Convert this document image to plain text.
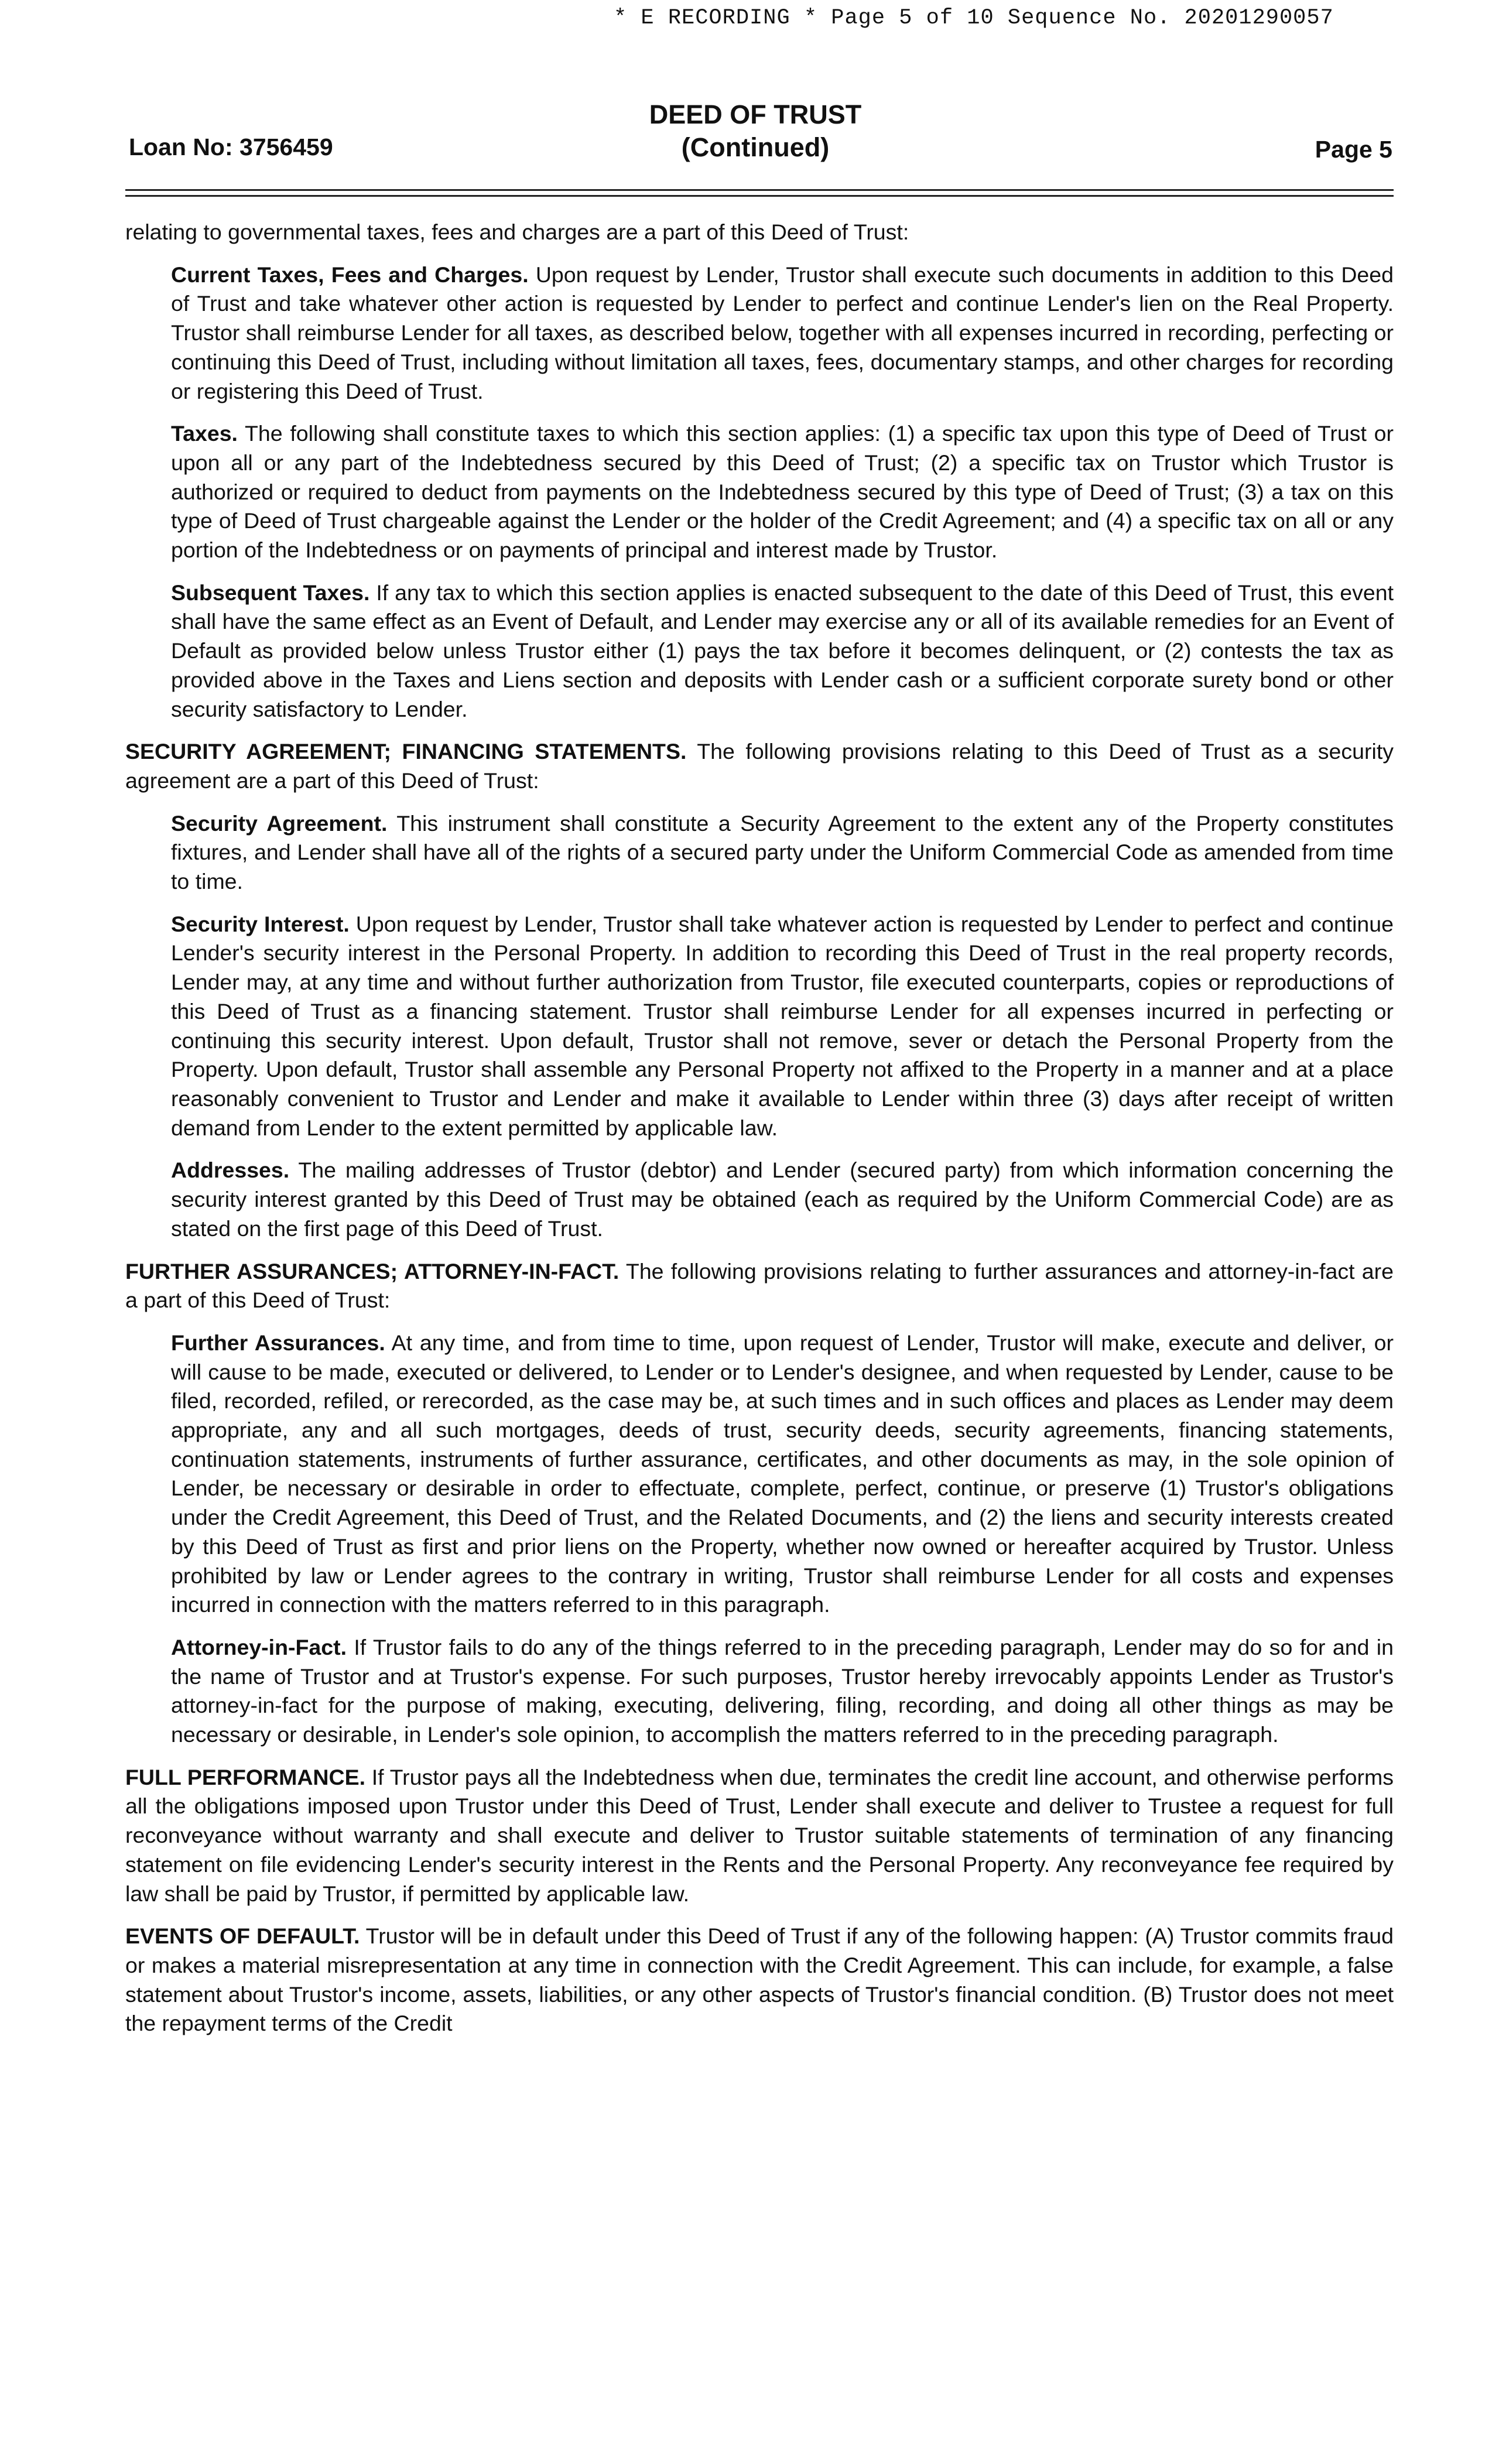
* E RECORDING * Page 5 of 10 Sequence No. 20201290057
DEED OF TRUST
(Continued)
Loan No: 3756459	Page 5

relating to governmental taxes, fees and charges are a part of this Deed of Trust:

Current Taxes, Fees and Charges. Upon request by Lender, Trustor shall execute such documents in addition to this Deed of Trust and take whatever other action is requested by Lender to perfect and continue Lender's lien on the Real Property. Trustor shall reimburse Lender for all taxes, as described below, together with all expenses incurred in recording, perfecting or continuing this Deed of Trust, including without limitation all taxes, fees, documentary stamps, and other charges for recording or registering this Deed of Trust.

Taxes. The following shall constitute taxes to which this section applies: (1) a specific tax upon this type of Deed of Trust or upon all or any part of the Indebtedness secured by this Deed of Trust; (2) a specific tax on Trustor which Trustor is authorized or required to deduct from payments on the Indebtedness secured by this type of Deed of Trust; (3) a tax on this type of Deed of Trust chargeable against the Lender or the holder of the Credit Agreement; and (4) a specific tax on all or any portion of the Indebtedness or on payments of principal and interest made by Trustor.

Subsequent Taxes. If any tax to which this section applies is enacted subsequent to the date of this Deed of Trust, this event shall have the same effect as an Event of Default, and Lender may exercise any or all of its available remedies for an Event of Default as provided below unless Trustor either (1) pays the tax before it becomes delinquent, or (2) contests the tax as provided above in the Taxes and Liens section and deposits with Lender cash or a sufficient corporate surety bond or other security satisfactory to Lender.

SECURITY AGREEMENT; FINANCING STATEMENTS. The following provisions relating to this Deed of Trust as a security agreement are a part of this Deed of Trust:

Security Agreement. This instrument shall constitute a Security Agreement to the extent any of the Property constitutes fixtures, and Lender shall have all of the rights of a secured party under the Uniform Commercial Code as amended from time to time.

Security Interest. Upon request by Lender, Trustor shall take whatever action is requested by Lender to perfect and continue Lender's security interest in the Personal Property. In addition to recording this Deed of Trust in the real property records, Lender may, at any time and without further authorization from Trustor, file executed counterparts, copies or reproductions of this Deed of Trust as a financing statement. Trustor shall reimburse Lender for all expenses incurred in perfecting or continuing this security interest. Upon default, Trustor shall not remove, sever or detach the Personal Property from the Property. Upon default, Trustor shall assemble any Personal Property not affixed to the Property in a manner and at a place reasonably convenient to Trustor and Lender and make it available to Lender within three (3) days after receipt of written demand from Lender to the extent permitted by applicable law.

Addresses. The mailing addresses of Trustor (debtor) and Lender (secured party) from which information concerning the security interest granted by this Deed of Trust may be obtained (each as required by the Uniform Commercial Code) are as stated on the first page of this Deed of Trust.

FURTHER ASSURANCES; ATTORNEY-IN-FACT. The following provisions relating to further assurances and attorney-in-fact are a part of this Deed of Trust:

Further Assurances. At any time, and from time to time, upon request of Lender, Trustor will make, execute and deliver, or will cause to be made, executed or delivered, to Lender or to Lender's designee, and when requested by Lender, cause to be filed, recorded, refiled, or rerecorded, as the case may be, at such times and in such offices and places as Lender may deem appropriate, any and all such mortgages, deeds of trust, security deeds, security agreements, financing statements, continuation statements, instruments of further assurance, certificates, and other documents as may, in the sole opinion of Lender, be necessary or desirable in order to effectuate, complete, perfect, continue, or preserve (1) Trustor's obligations under the Credit Agreement, this Deed of Trust, and the Related Documents, and (2) the liens and security interests created by this Deed of Trust as first and prior liens on the Property, whether now owned or hereafter acquired by Trustor. Unless prohibited by law or Lender agrees to the contrary in writing, Trustor shall reimburse Lender for all costs and expenses incurred in connection with the matters referred to in this paragraph.

Attorney-in-Fact. If Trustor fails to do any of the things referred to in the preceding paragraph, Lender may do so for and in the name of Trustor and at Trustor's expense. For such purposes, Trustor hereby irrevocably appoints Lender as Trustor's attorney-in-fact for the purpose of making, executing, delivering, filing, recording, and doing all other things as may be necessary or desirable, in Lender's sole opinion, to accomplish the matters referred to in the preceding paragraph.

FULL PERFORMANCE. If Trustor pays all the Indebtedness when due, terminates the credit line account, and otherwise performs all the obligations imposed upon Trustor under this Deed of Trust, Lender shall execute and deliver to Trustee a request for full reconveyance without warranty and shall execute and deliver to Trustor suitable statements of termination of any financing statement on file evidencing Lender's security interest in the Rents and the Personal Property. Any reconveyance fee required by law shall be paid by Trustor, if permitted by applicable law.

EVENTS OF DEFAULT. Trustor will be in default under this Deed of Trust if any of the following happen: (A) Trustor commits fraud or makes a material misrepresentation at any time in connection with the Credit Agreement. This can include, for example, a false statement about Trustor's income, assets, liabilities, or any other aspects of Trustor's financial condition. (B) Trustor does not meet the repayment terms of the Credit
